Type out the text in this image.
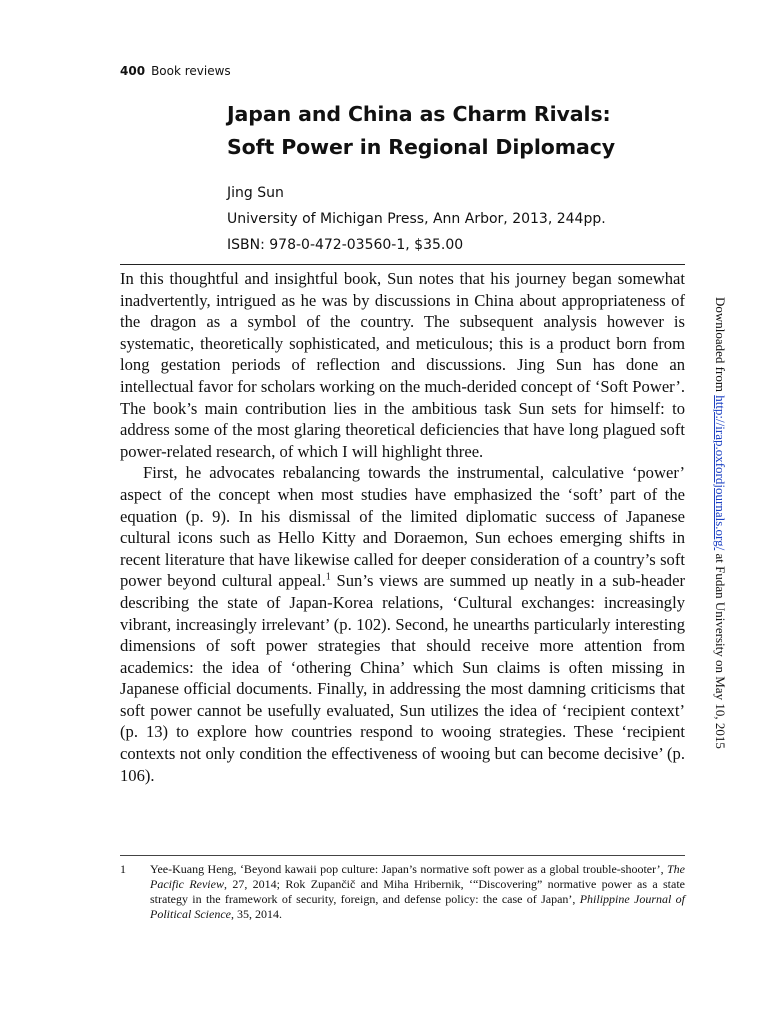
400 Book reviews
Japan and China as Charm Rivals:
Soft Power in Regional Diplomacy
Jing Sun
University of Michigan Press, Ann Arbor, 2013, 244pp.
ISBN: 978-0-472-03560-1, $35.00

In this thoughtful and insightful book, Sun notes that his journey began somewhat inadvertently, intrigued as he was by discussions in China about appropriateness of the dragon as a symbol of the country. The subsequent analysis however is systematic, theoretically sophisticated, and meticulous; this is a product born from long gestation periods of reflection and discussions. Jing Sun has done an intellectual favor for scholars working on the much-derided concept of ‘Soft Power’. The book’s main contribution lies in the ambitious task Sun sets for himself: to address some of the most glaring theoretical deficiencies that have long plagued soft power-related research, of which I will highlight three.

First, he advocates rebalancing towards the instrumental, calculative ‘power’ aspect of the concept when most studies have emphasized the ‘soft’ part of the equation (p. 9). In his dismissal of the limited diplomatic success of Japanese cultural icons such as Hello Kitty and Doraemon, Sun echoes emerging shifts in recent literature that have likewise called for deeper consideration of a country’s soft power beyond cultural appeal.$^1$ Sun’s views are summed up neatly in a sub-header describing the state of Japan-Korea relations, ‘Cultural exchanges: increasingly vibrant, increasingly irrelevant’ (p. 102). Second, he unearths particularly interesting dimensions of soft power strategies that should receive more attention from academics: the idea of ‘othering China’ which Sun claims is often missing in Japanese official documents. Finally, in addressing the most damning criticisms that soft power cannot be usefully evaluated, Sun utilizes the idea of ‘recipient context’ (p. 13) to explore how countries respond to wooing strategies. These ‘recipient contexts not only condition the effectiveness of wooing but can become decisive’ (p. 106).

1	Yee-Kuang Heng, ‘Beyond kawaii pop culture: Japan’s normative soft power as a global trouble-shooter’, The Pacific Review, 27, 2014; Rok Zupančič and Miha Hribernik, ‘“Discovering” normative power as a state strategy in the framework of security, foreign, and defense policy: the case of Japan’, Philippine Journal of Political Science, 35, 2014.
Downloaded from http://irap.oxfordjournals.org/ at Fudan University on May 10, 2015
